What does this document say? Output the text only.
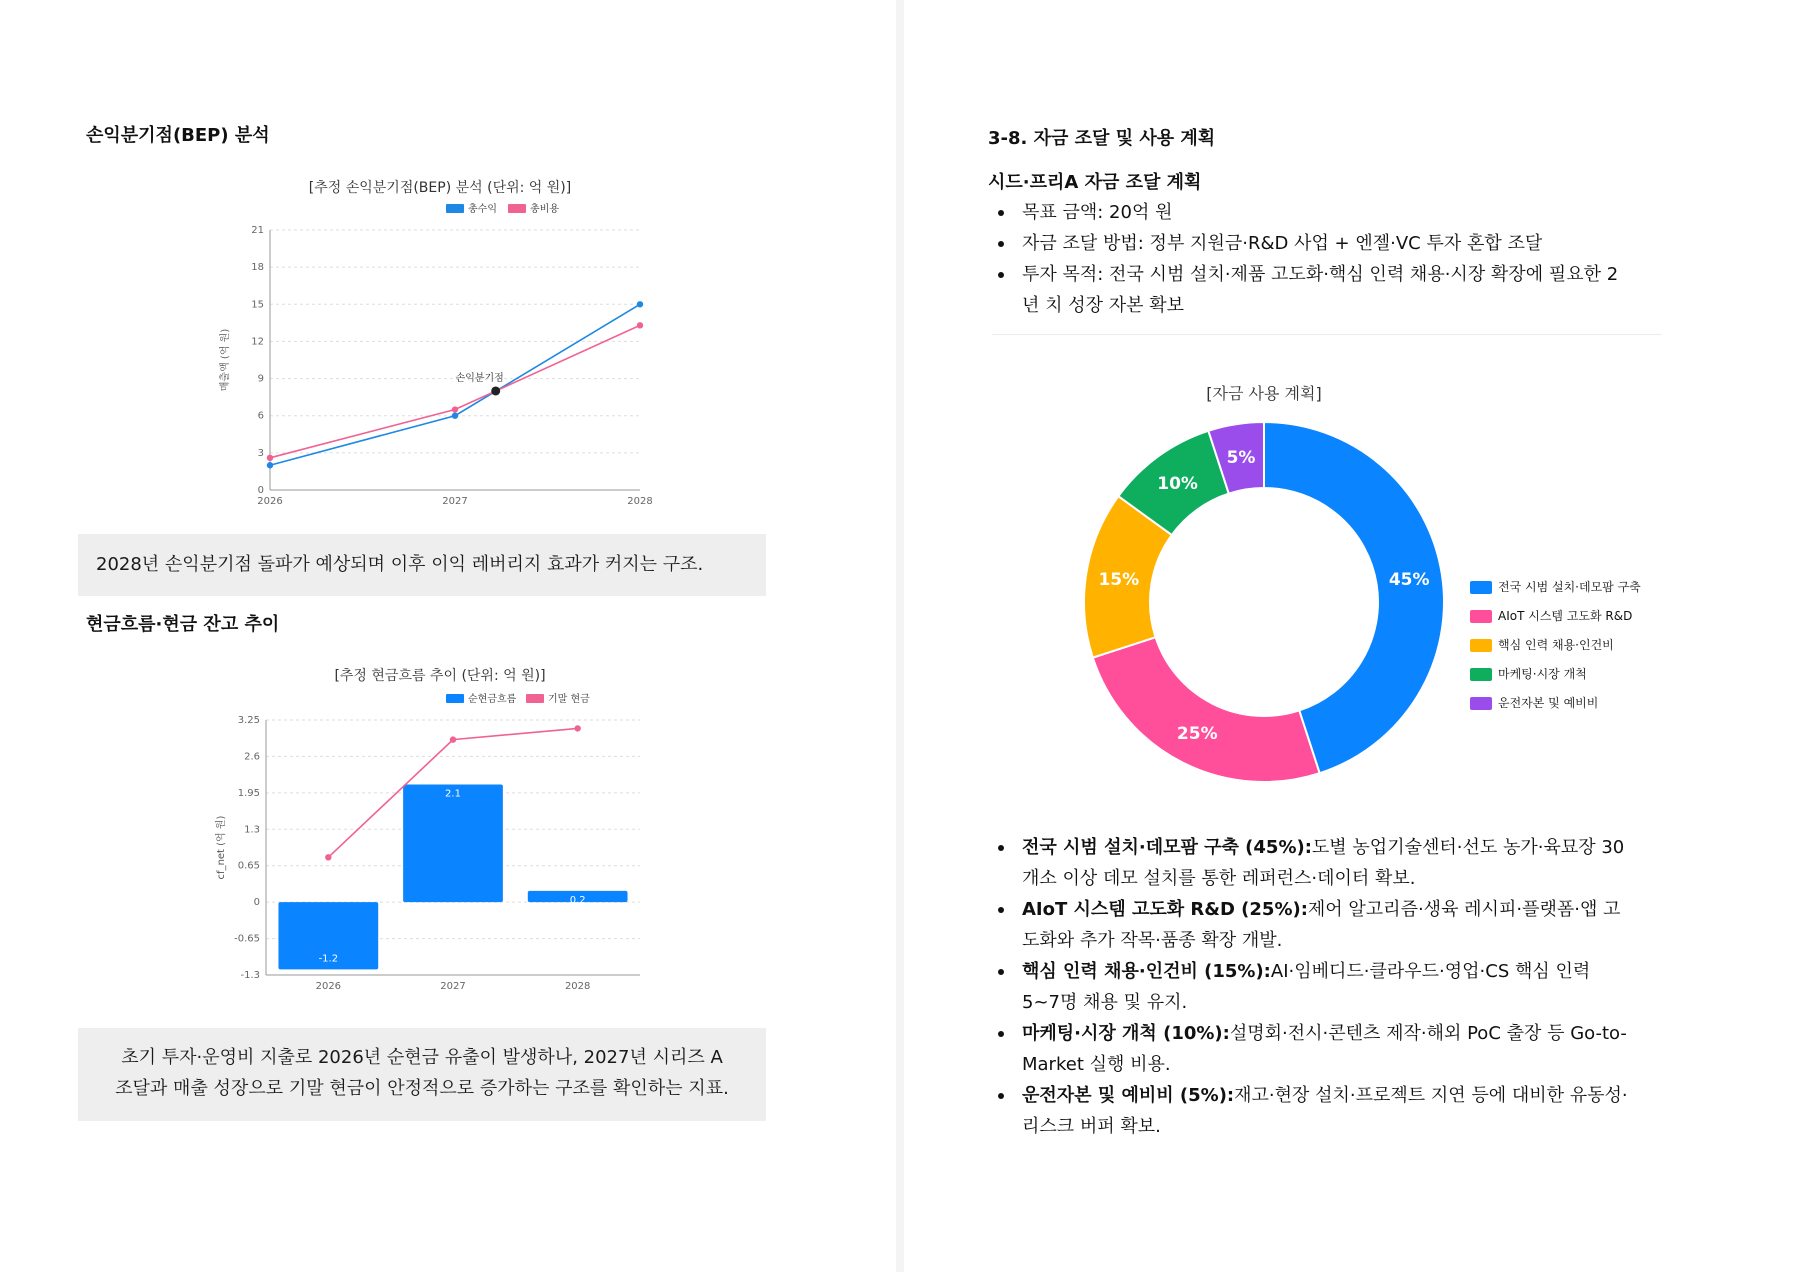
손익분기점(BEP) 분석
[추정 손익분기점(BEP) 분석 (단위: 억 원)]
총수익	총비용
0
3
6
9
12
15
18
21
2026	2027	2028
매출액 (억 원)	손익분기점
2028년 손익분기점 돌파가 예상되며 이후 이익 레버리지 효과가 커지는 구조.
현금흐름·현금 잔고 추이
[추정 현금흐름 추이 (단위: 억 원)]
순현금흐름	기말 현금
-1.3
-0.65
0
0.65
1.3
1.95
2.6
3.25
2026	2027	2028
cf_net (억 원)
-1.2
2.1
0.2
초기 투자·운영비 지출로 2026년 순현금 유출이 발생하나, 2027년 시리즈 A
조달과 매출 성장으로 기말 현금이 안정적으로 증가하는 구조를 확인하는 지표.
3-8. 자금 조달 및 사용 계획
시드·프리A 자금 조달 계획
목표 금액: 20억 원
자금 조달 방법: 정부 지원금·R&D 사업 + 엔젤·VC 투자 혼합 조달
투자 목적: 전국 시범 설치·제품 고도화·핵심 인력 채용·시장 확장에 필요한 2년 치 성장 자본 확보
[자금 사용 계획]
45%
25%
15%
10%
5%
전국 시범 설치·데모팜 구축
AIoT 시스템 고도화 R&D
핵심 인력 채용·인건비
마케팅·시장 개척
운전자본 및 예비비
전국 시범 설치·데모팜 구축 (45%):도별 농업기술센터·선도 농가·육묘장 30개소 이상 데모 설치를 통한 레퍼런스·데이터 확보.
AIoT 시스템 고도화 R&D (25%):제어 알고리즘·생육 레시피·플랫폼·앱 고도화와 추가 작목·품종 확장 개발.
핵심 인력 채용·인건비 (15%):AI·임베디드·클라우드·영업·CS 핵심 인력 5~7명 채용 및 유지.
마케팅·시장 개척 (10%):설명회·전시·콘텐츠 제작·해외 PoC 출장 등 Go-to-Market 실행 비용.
운전자본 및 예비비 (5%):재고·현장 설치·프로젝트 지연 등에 대비한 유동성·리스크 버퍼 확보.
